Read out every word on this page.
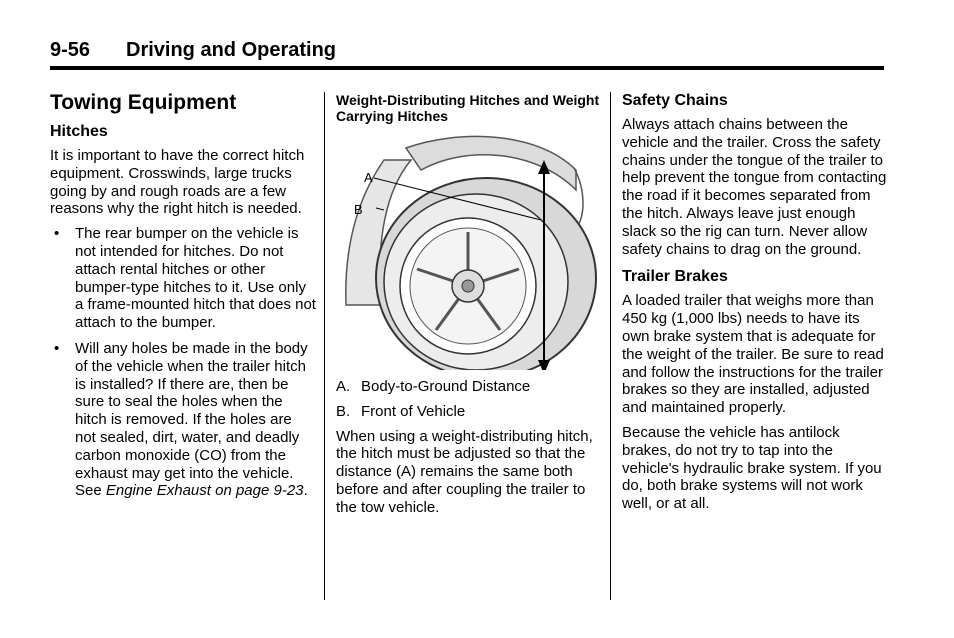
9-56 Driving and Operating
Towing Equipment
Hitches

It is important to have the correct hitch equipment. Crosswinds, large trucks going by and rough roads are a few reasons why the right hitch is needed.

• The rear bumper on the vehicle is not intended for hitches. Do not attach rental hitches or other bumper-type hitches to it. Use only a frame-mounted hitch that does not attach to the bumper.
• Will any holes be made in the body of the vehicle when the trailer hitch is installed? If there are, then be sure to seal the holes when the hitch is removed. If the holes are not sealed, dirt, water, and deadly carbon monoxide (CO) from the exhaust may get into the vehicle. See Engine Exhaust on page 9-23.
Weight-Distributing Hitches and Weight Carrying Hitches
A
B
A. Body-to-Ground Distance
B. Front of Vehicle

When using a weight-distributing hitch, the hitch must be adjusted so that the distance (A) remains the same both before and after coupling the trailer to the tow vehicle.

Safety Chains

Always attach chains between the vehicle and the trailer. Cross the safety chains under the tongue of the trailer to help prevent the tongue from contacting the road if it becomes separated from the hitch. Always leave just enough slack so the rig can turn. Never allow safety chains to drag on the ground.

Trailer Brakes

A loaded trailer that weighs more than 450 kg (1,000 lbs) needs to have its own brake system that is adequate for the weight of the trailer. Be sure to read and follow the instructions for the trailer brakes so they are installed, adjusted and maintained properly.

Because the vehicle has antilock brakes, do not try to tap into the vehicle's hydraulic brake system. If you do, both brake systems will not work well, or at all.
